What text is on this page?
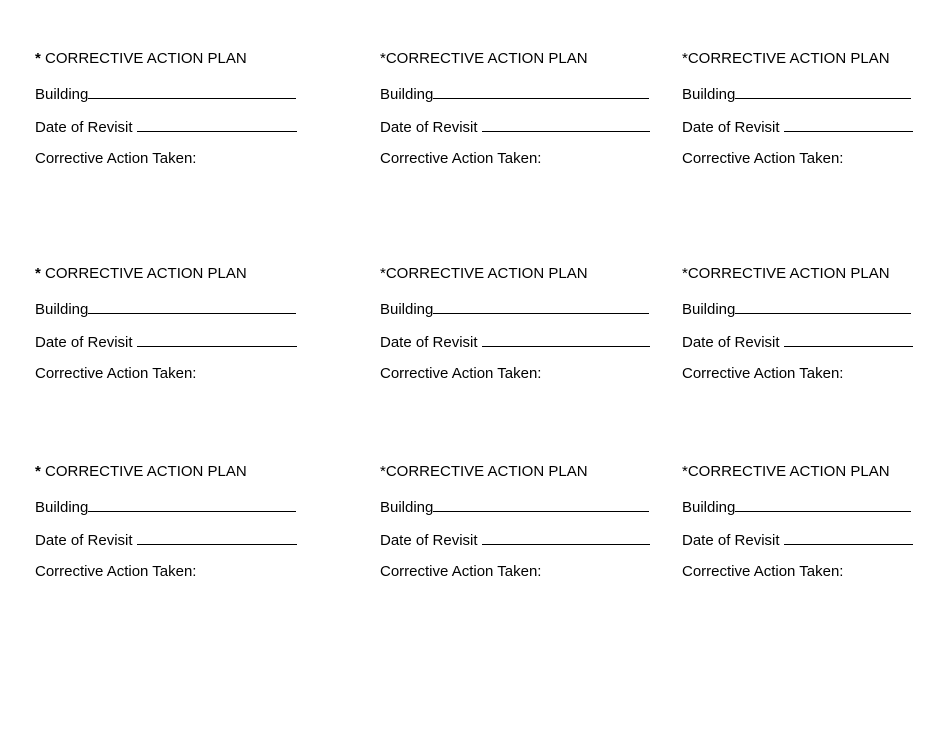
* CORRECTIVE ACTION PLAN
Building
Date of Revisit
Corrective Action Taken:
*CORRECTIVE ACTION PLAN
Building
Date of Revisit
Corrective Action Taken:
*CORRECTIVE ACTION PLAN
Building
Date of Revisit
Corrective Action Taken:
* CORRECTIVE ACTION PLAN
Building
Date of Revisit
Corrective Action Taken:
*CORRECTIVE ACTION PLAN
Building
Date of Revisit
Corrective Action Taken:
*CORRECTIVE ACTION PLAN
Building
Date of Revisit
Corrective Action Taken:
* CORRECTIVE ACTION PLAN
Building
Date of Revisit
Corrective Action Taken:
*CORRECTIVE ACTION PLAN
Building
Date of Revisit
Corrective Action Taken:
*CORRECTIVE ACTION PLAN
Building
Date of Revisit
Corrective Action Taken:
